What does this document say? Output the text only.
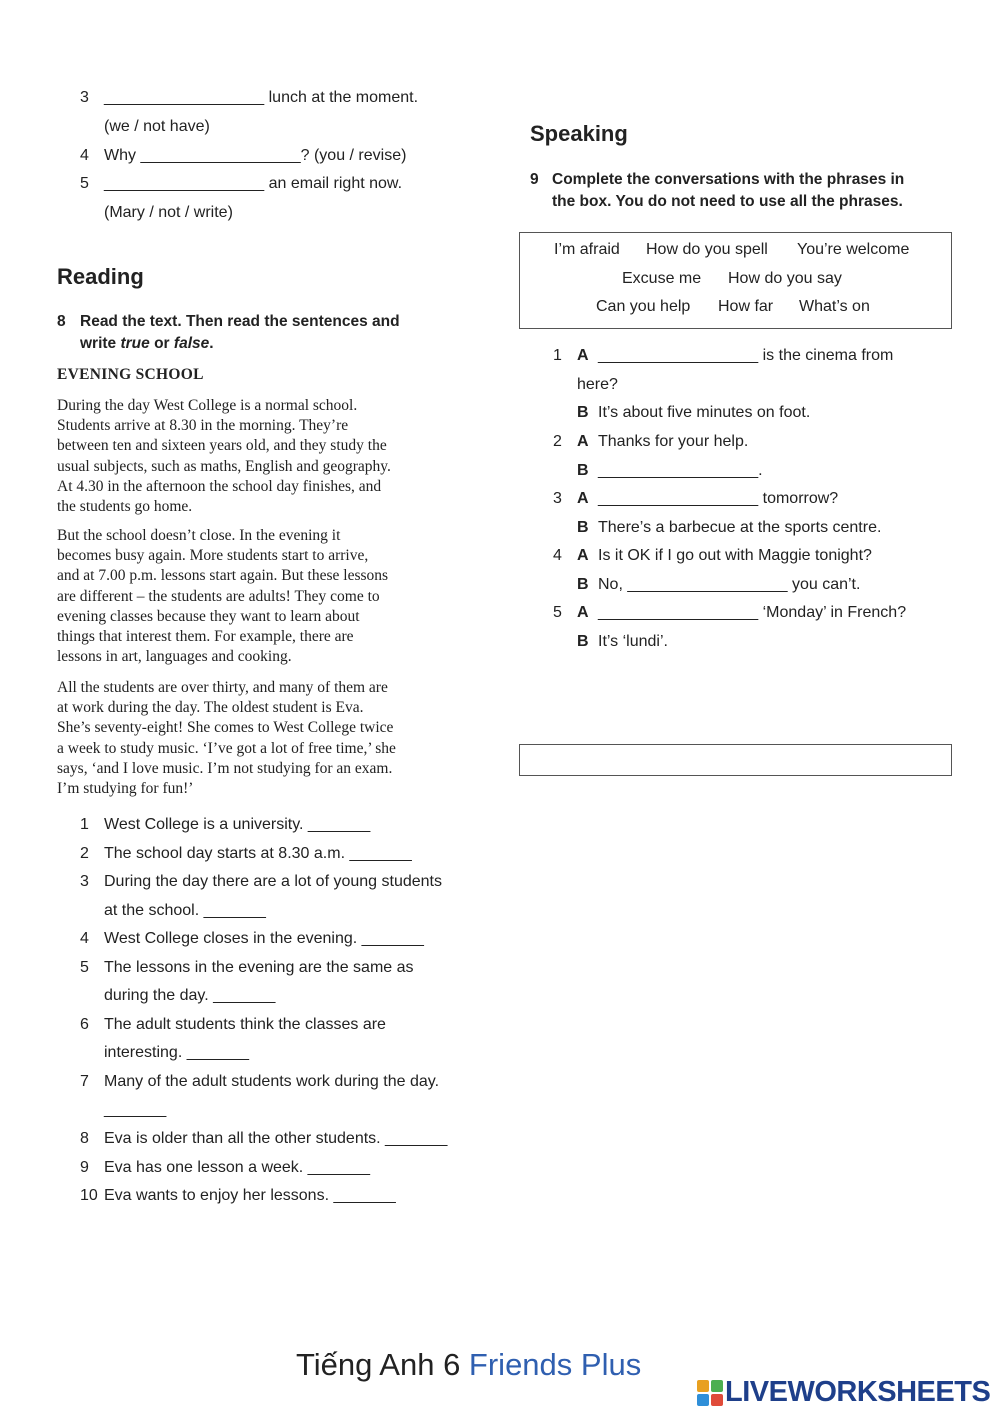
3 __________________ lunch at the moment.
(we / not have)
4 Why __________________? (you / revise)
5 __________________ an email right now.
(Mary / not / write)
Reading
8 Read the text. Then read the sentences and
write true or false.
EVENING SCHOOL
During the day West College is a normal school.
Students arrive at 8.30 in the morning. They’re
between ten and sixteen years old, and they study the
usual subjects, such as maths, English and geography.
At 4.30 in the afternoon the school day finishes, and
the students go home.
But the school doesn’t close. In the evening it
becomes busy again. More students start to arrive,
and at 7.00 p.m. lessons start again. But these lessons
are different – the students are adults! They come to
evening classes because they want to learn about
things that interest them. For example, there are
lessons in art, languages and cooking.
All the students are over thirty, and many of them are
at work during the day. The oldest student is Eva.
She’s seventy-eight! She comes to West College twice
a week to study music. ‘I’ve got a lot of free time,’ she
says, ‘and I love music. I’m not studying for an exam.
I’m studying for fun!’
1 West College is a university. _______
2 The school day starts at 8.30 a.m. _______
3 During the day there are a lot of young students
at the school. _______
4 West College closes in the evening. _______
5 The lessons in the evening are the same as
during the day. _______
6 The adult students think the classes are
interesting. _______
7 Many of the adult students work during the day.
_______
8 Eva is older than all the other students. _______
9 Eva has one lesson a week. _______
10 Eva wants to enjoy her lessons. _______
Speaking
9 Complete the conversations with the phrases in
the box. You do not need to use all the phrases.
I’m afraid How do you spell You’re welcome
Excuse me How do you say
Can you help How far What’s on
1 A __________________ is the cinema from
here?
B It’s about five minutes on foot.
2 A Thanks for your help.
B __________________.
3 A __________________ tomorrow?
B There’s a barbecue at the sports centre.
4 A Is it OK if I go out with Maggie tonight?
B No, __________________ you can’t.
5 A __________________ ‘Monday’ in French?
B It’s ‘lundi’.
Tiếng Anh 6 Friends Plus
LIVEWORKSHEETS
